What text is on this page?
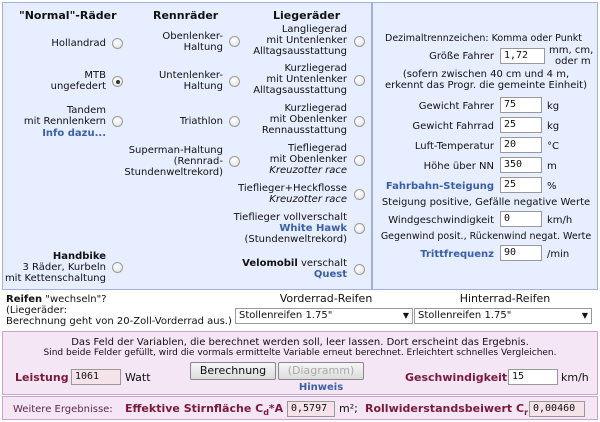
"Normal"-Räder	Rennräder	Liegeräder
Hollandrad
MTB
ungefedert
Tandem
mit Rennlenkern
Info dazu...
Handbike
3 Räder, Kurbeln
mit Kettenschaltung
Obenlenker-
Haltung
Untenlenker-
Haltung
Triathlon
Superman-Haltung
(Rennrad-
Stundenweltrekord)
Langliegerad
mit Untenlenker
Alltagsausstattung
Kurzliegerad
mit Untenlenker
Alltagsausstattung
Kurzliegerad
mit Obenlenker
Rennausstattung
Tiefliegerad
mit Obenlenker
Kreuzotter race
Tieflieger+Heckflosse
Kreuzotter race
Tieflieger vollverschalt
White Hawk
(Stundenweltrekord)
Velomobil verschalt
Quest
Dezimaltrennzeichen: Komma oder Punkt
Größe Fahrer	1,72	mm, cm,
oder m
(sofern zwischen 40 cm und 4 m,
erkennt das Progr. die gemeinte Einheit)
Gewicht Fahrer	75	kg
Gewicht Fahrrad	25	kg
Luft-Temperatur	20	°C
Höhe über NN	350	m
Fahrbahn-Steigung	25	%
Steigung positive, Gefälle negative Werte
Windgeschwindigkeit	0	km/h
Gegenwind posit., Rückenwind negat. Werte
Trittfrequenz	90	/min
Reifen "wechseln"?
(Liegeräder:
Berechnung geht von 20-Zoll-Vorderrad aus.)
Vorderrad-Reifen
Stollenreifen 1.75"	▼
Hinterrad-Reifen
Stollenreifen 1.75"	▼
Das Feld der Variablen, die berechnet werden soll, leer lassen. Dort erscheint das Ergebnis.
Sind beide Felder gefüllt, wird die vormals ermittelte Variable erneut berechnet. Erleichtert schnelles Vergleichen.
Leistung 1061	Watt
Berechnung	(Diagramm)
Hinweis
Geschwindigkeit 15	km/h
Weitere Ergebnisse: Effektive Stirnfläche $C_d*A$ 0,5797	m²; Rollwiderstandsbeiwert $C_r$ 0,00460
